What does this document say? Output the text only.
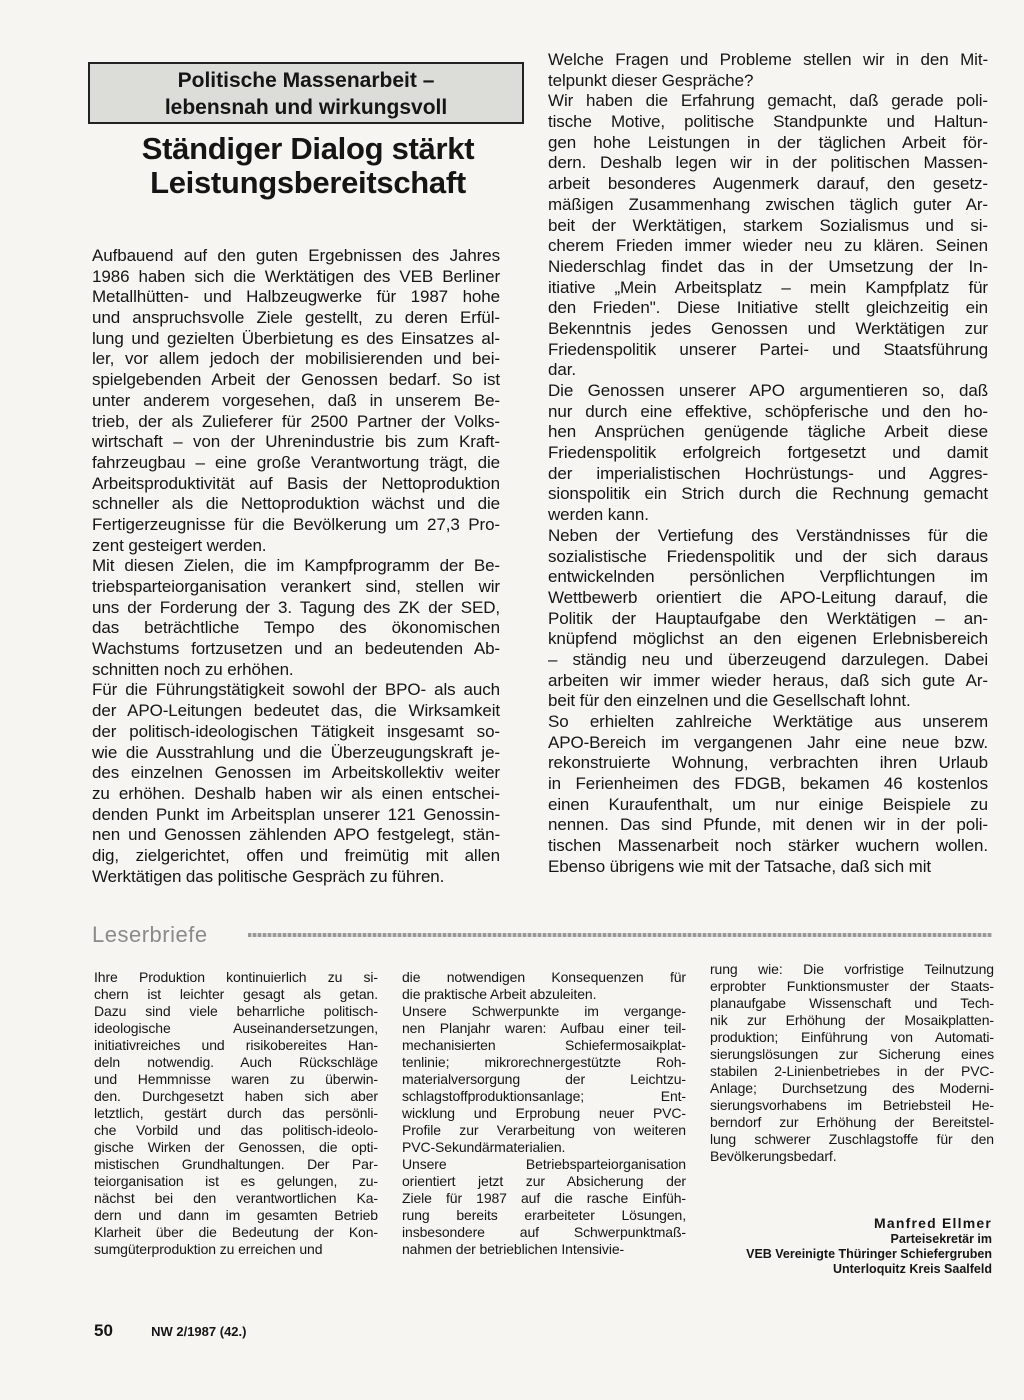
Politische Massenarbeit –
lebensnah und wirkungsvoll
Ständiger Dialog stärkt
Leistungsbereitschaft
Aufbauend auf den guten Ergebnissen des Jahres
1986 haben sich die Werktätigen des VEB Berliner
Metallhütten- und Halbzeugwerke für 1987 hohe
und anspruchsvolle Ziele gestellt, zu deren Erfül-
lung und gezielten Überbietung es des Einsatzes al-
ler, vor allem jedoch der mobilisierenden und bei-
spielgebenden Arbeit der Genossen bedarf. So ist
unter anderem vorgesehen, daß in unserem Be-
trieb, der als Zulieferer für 2500 Partner der Volks-
wirtschaft – von der Uhrenindustrie bis zum Kraft-
fahrzeugbau – eine große Verantwortung trägt, die
Arbeitsproduktivität auf Basis der Nettoproduktion
schneller als die Nettoproduktion wächst und die
Fertigerzeugnisse für die Bevölkerung um 27,3 Pro-
zent gesteigert werden.
Mit diesen Zielen, die im Kampfprogramm der Be-
triebsparteiorganisation verankert sind, stellen wir
uns der Forderung der 3. Tagung des ZK der SED,
das beträchtliche Tempo des ökonomischen
Wachstums fortzusetzen und an bedeutenden Ab-
schnitten noch zu erhöhen.
Für die Führungstätigkeit sowohl der BPO- als auch
der APO-Leitungen bedeutet das, die Wirksamkeit
der politisch-ideologischen Tätigkeit insgesamt so-
wie die Ausstrahlung und die Überzeugungskraft je-
des einzelnen Genossen im Arbeitskollektiv weiter
zu erhöhen. Deshalb haben wir als einen entschei-
denden Punkt im Arbeitsplan unserer 121 Genossin-
nen und Genossen zählenden APO festgelegt, stän-
dig, zielgerichtet, offen und freimütig mit allen
Werktätigen das politische Gespräch zu führen.
Welche Fragen und Probleme stellen wir in den Mit-
telpunkt dieser Gespräche?
Wir haben die Erfahrung gemacht, daß gerade poli-
tische Motive, politische Standpunkte und Haltun-
gen hohe Leistungen in der täglichen Arbeit för-
dern. Deshalb legen wir in der politischen Massen-
arbeit besonderes Augenmerk darauf, den gesetz-
mäßigen Zusammenhang zwischen täglich guter Ar-
beit der Werktätigen, starkem Sozialismus und si-
cherem Frieden immer wieder neu zu klären. Seinen
Niederschlag findet das in der Umsetzung der In-
itiative „Mein Arbeitsplatz – mein Kampfplatz für
den Frieden". Diese Initiative stellt gleichzeitig ein
Bekenntnis jedes Genossen und Werktätigen zur
Friedenspolitik unserer Partei- und Staatsführung
dar.
Die Genossen unserer APO argumentieren so, daß
nur durch eine effektive, schöpferische und den ho-
hen Ansprüchen genügende tägliche Arbeit diese
Friedenspolitik erfolgreich fortgesetzt und damit
der imperialistischen Hochrüstungs- und Aggres-
sionspolitik ein Strich durch die Rechnung gemacht
werden kann.
Neben der Vertiefung des Verständnisses für die
sozialistische Friedenspolitik und der sich daraus
entwickelnden persönlichen Verpflichtungen im
Wettbewerb orientiert die APO-Leitung darauf, die
Politik der Hauptaufgabe den Werktätigen – an-
knüpfend möglichst an den eigenen Erlebnisbereich
– ständig neu und überzeugend darzulegen. Dabei
arbeiten wir immer wieder heraus, daß sich gute Ar-
beit für den einzelnen und die Gesellschaft lohnt.
So erhielten zahlreiche Werktätige aus unserem
APO-Bereich im vergangenen Jahr eine neue bzw.
rekonstruierte Wohnung, verbrachten ihren Urlaub
in Ferienheimen des FDGB, bekamen 46 kostenlos
einen Kuraufenthalt, um nur einige Beispiele zu
nennen. Das sind Pfunde, mit denen wir in der poli-
tischen Massenarbeit noch stärker wuchern wollen.
Ebenso übrigens wie mit der Tatsache, daß sich mit
Leserbriefe
Ihre Produktion kontinuierlich zu si-
chern ist leichter gesagt als getan.
Dazu sind viele beharrliche politisch-
ideologische Auseinandersetzungen,
initiativreiches und risikobereites Han-
deln notwendig. Auch Rückschläge
und Hemmnisse waren zu überwin-
den. Durchgesetzt haben sich aber
letztlich, gestärt durch das persönli-
che Vorbild und das politisch-ideolo-
gische Wirken der Genossen, die opti-
mistischen Grundhaltungen. Der Par-
teiorganisation ist es gelungen, zu-
nächst bei den verantwortlichen Ka-
dern und dann im gesamten Betrieb
Klarheit über die Bedeutung der Kon-
sumgüterproduktion zu erreichen und
die notwendigen Konsequenzen für
die praktische Arbeit abzuleiten.
Unsere Schwerpunkte im vergange-
nen Planjahr waren: Aufbau einer teil-
mechanisierten Schiefermosaikplat-
tenlinie; mikrorechnergestützte Roh-
materialversorgung der Leichtzu-
schlagstoffproduktionsanlage; Ent-
wicklung und Erprobung neuer PVC-
Profile zur Verarbeitung von weiteren
PVC-Sekundärmaterialien.
Unsere Betriebsparteiorganisation
orientiert jetzt zur Absicherung der
Ziele für 1987 auf die rasche Einfüh-
rung bereits erarbeiteter Lösungen,
insbesondere auf Schwerpunktmaß-
nahmen der betrieblichen Intensivie-
rung wie: Die vorfristige Teilnutzung
erprobter Funktionsmuster der Staats-
planaufgabe Wissenschaft und Tech-
nik zur Erhöhung der Mosaikplatten-
produktion; Einführung von Automati-
sierungslösungen zur Sicherung eines
stabilen 2-Linienbetriebes in der PVC-
Anlage; Durchsetzung des Moderni-
sierungsvorhabens im Betriebsteil He-
berndorf zur Erhöhung der Bereitstel-
lung schwerer Zuschlagstoffe für den
Bevölkerungsbedarf.
Manfred Ellmer
Parteisekretär im
VEB Vereinigte Thüringer Schiefergruben
Unterloquitz Kreis Saalfeld
50	NW 2/1987 (42.)
